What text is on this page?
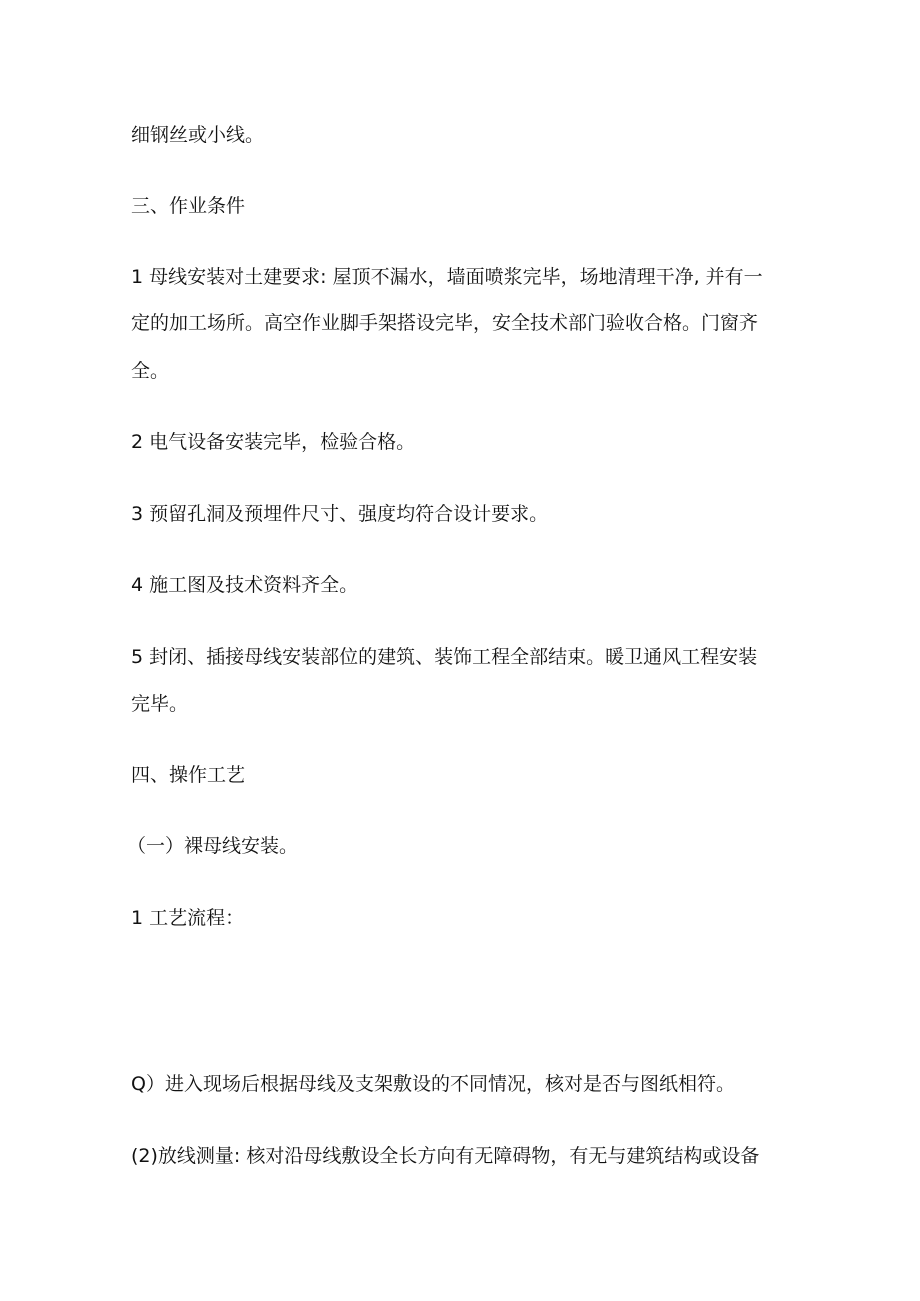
细钢丝或小线。
三、作业条件
1 母线安装对土建要求: 屋顶不漏水，墙面喷浆完毕，场地清理干净, 并有一
定的加工场所。高空作业脚手架搭设完毕，安全技术部门验收合格。门窗齐
全。
2 电气设备安装完毕，检验合格。
3 预留孔洞及预埋件尺寸、强度均符合设计要求。
4 施工图及技术资料齐全。
5 封闭、插接母线安装部位的建筑、装饰工程全部结束。暖卫通风工程安装
完毕。
四、操作工艺
（一）裸母线安装。
1 工艺流程：
Q）进入现场后根据母线及支架敷设的不同情况，核对是否与图纸相符。
(2)放线测量: 核对沿母线敷设全长方向有无障碍物，有无与建筑结构或设备
